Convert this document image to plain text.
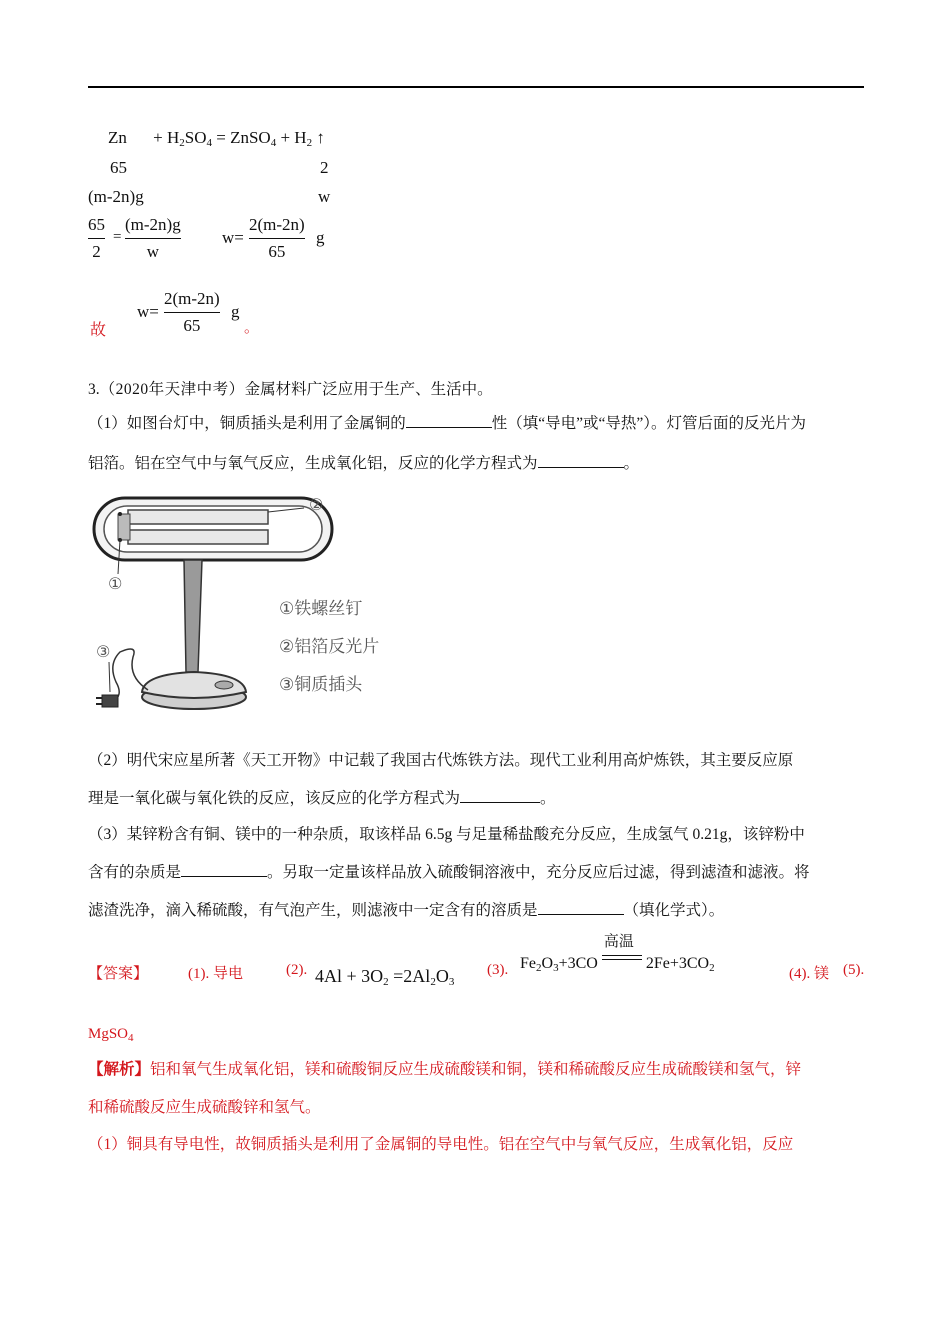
$Zn + H_2SO_4$ = ZnSO$_4$ + $H_2$ ↑
65	2
(m-2n)g	w
65
2
=
(m-2n)g
w
w=
2(m-2n)
65
g
故
w=
2(m-2n)
65
g
。
3.（2020年天津中考）金属材料广泛应用于生产、生活中。
（1）如图台灯中，铜质插头是利用了金属铜的	性（填“导电”或“导热”）。灯管后面的反光片为
铝箔。铝在空气中与氧气反应，生成氧化铝，反应的化学方程式为	。
②
①
③
①铁螺丝钉
②铝箔反光片
③铜质插头
（2）明代宋应星所著《天工开物》中记载了我国古代炼铁方法。现代工业利用高炉炼铁，其主要反应原
理是一氧化碳与氧化铁的反应，该反应的化学方程式为	。
（3）某锌粉含有铜、镁中的一种杂质，取该样品 6.5g 与足量稀盐酸充分反应，生成氢气 0.21g，该锌粉中
含有的杂质是	。另取一定量该样品放入硫酸铜溶液中，充分反应后过滤，得到滤渣和滤液。将
滤渣洗净，滴入稀硫酸，有气泡产生，则滤液中一定含有的溶质是	（填化学式）。
【答案】	(1). 导电	(2). $4Al + 3O_2 =2Al_2O_3$
(3). $Fe_2O_3+3CO$
高温
$2Fe+3CO_2$	(4). 镁 (5).
MgSO$_4$
【解析】铝和氧气生成氧化铝，镁和硫酸铜反应生成硫酸镁和铜，镁和稀硫酸反应生成硫酸镁和氢气，锌
和稀硫酸反应生成硫酸锌和氢气。
（1）铜具有导电性，故铜质插头是利用了金属铜的导电性。铝在空气中与氧气反应，生成氧化铝，反应
